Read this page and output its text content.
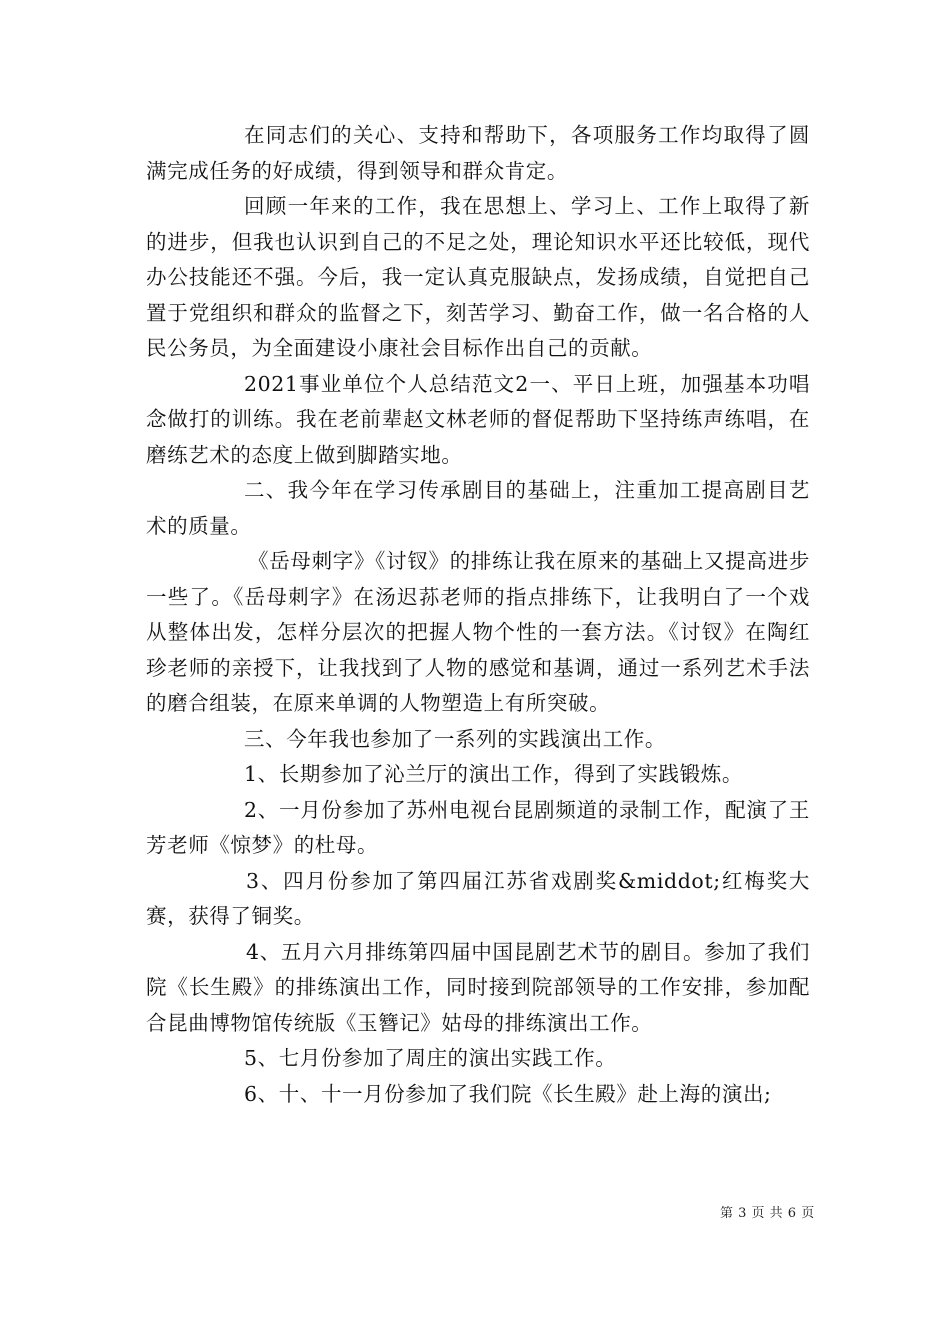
在同志们的关心、支持和帮助下，各项服务工作均取得了圆满完成任务的好成绩，得到领导和群众肯定。

回顾一年来的工作，我在思想上、学习上、工作上取得了新的进步，但我也认识到自己的不足之处，理论知识水平还比较低，现代办公技能还不强。今后，我一定认真克服缺点，发扬成绩，自觉把自己置于党组织和群众的监督之下，刻苦学习、勤奋工作，做一名合格的人民公务员，为全面建设小康社会目标作出自己的贡献。

2021事业单位个人总结范文2一、平日上班，加强基本功唱念做打的训练。我在老前辈赵文林老师的督促帮助下坚持练声练唱，在磨练艺术的态度上做到脚踏实地。

二、我今年在学习传承剧目的基础上，注重加工提高剧目艺术的质量。

《岳母刺字》《讨钗》的排练让我在原来的基础上又提高进步一些了。《岳母刺字》在汤迟荪老师的指点排练下，让我明白了一个戏从整体出发，怎样分层次的把握人物个性的一套方法。《讨钗》在陶红珍老师的亲授下，让我找到了人物的感觉和基调，通过一系列艺术手法的磨合组装，在原来单调的人物塑造上有所突破。

三、今年我也参加了一系列的实践演出工作。

1、长期参加了沁兰厅的演出工作，得到了实践锻炼。

2、一月份参加了苏州电视台昆剧频道的录制工作，配演了王芳老师《惊梦》的杜母。

3、四月份参加了第四届江苏省戏剧奖&middot;红梅奖大赛，获得了铜奖。

4、五月六月排练第四届中国昆剧艺术节的剧目。参加了我们院《长生殿》的排练演出工作，同时接到院部领导的工作安排，参加配合昆曲博物馆传统版《玉簪记》姑母的排练演出工作。

5、七月份参加了周庄的演出实践工作。

6、十、十一月份参加了我们院《长生殿》赴上海的演出;

第 3 页 共 6 页
